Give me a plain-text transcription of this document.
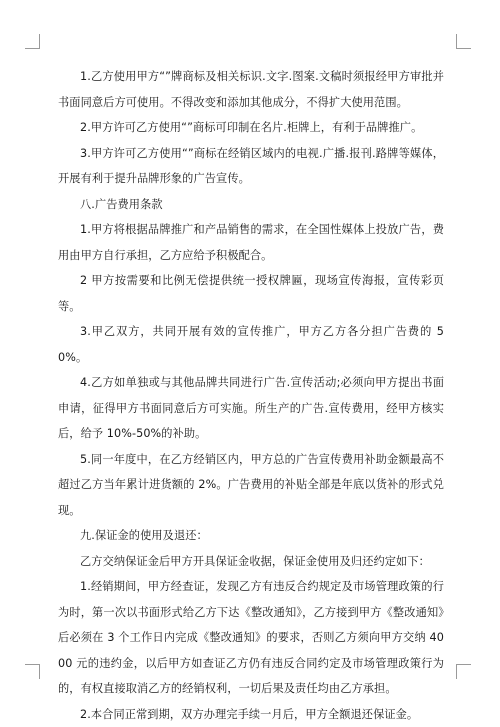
1.乙方使用甲方“”牌商标及相关标识.文字.图案.文稿时须报经甲方审批并书面同意后方可使用。不得改变和添加其他成分，不得扩大使用范围。

2.甲方许可乙方使用“”商标可印制在名片.柜牌上，有利于品牌推广。

3.甲方许可乙方使用“”商标在经销区域内的电视.广播.报刊.路牌等媒体，开展有利于提升品牌形象的广告宣传。

八.广告费用条款

1.甲方将根据品牌推广和产品销售的需求，在全国性媒体上投放广告，费用由甲方自行承担，乙方应给予积极配合。

2 甲方按需要和比例无偿提供统一授权牌匾，现场宣传海报，宣传彩页等。

3.甲乙双方，共同开展有效的宣传推广，甲方乙方各分担广告费的 50%。

4.乙方如单独或与其他品牌共同进行广告.宣传活动;必须向甲方提出书面申请，征得甲方书面同意后方可实施。所生产的广告.宣传费用，经甲方核实后，给予 10%-50%的补助。

5.同一年度中，在乙方经销区内，甲方总的广告宣传费用补助金额最高不超过乙方当年累计进货额的 2%。广告费用的补贴全部是年底以货补的形式兑现。

九.保证金的使用及退还：

乙方交纳保证金后甲方开具保证金收据，保证金使用及归还约定如下：

1.经销期间，甲方经查证，发现乙方有违反合约规定及市场管理政策的行为时，第一次以书面形式给乙方下达《整改通知》，乙方接到甲方《整改通知》后必须在 3 个工作日内完成《整改通知》的要求，否则乙方须向甲方交纳 4000 元的违约金，以后甲方如查证乙方仍有违反合同约定及市场管理政策行为的，有权直接取消乙方的经销权利，一切后果及责任均由乙方承担。

2.本合同正常到期，双方办理完手续一月后，甲方全额退还保证金。
